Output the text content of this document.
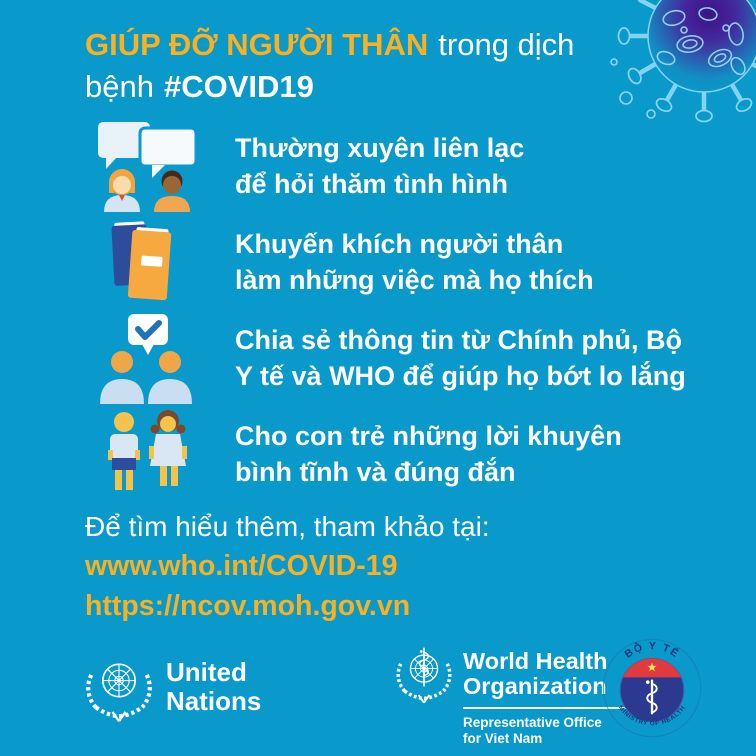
GIÚP ĐỠ NGƯỜI THÂN trong dịch
bệnh #COVID19
Thường xuyên liên lạc
để hỏi thăm tình hình
Khuyến khích người thân
làm những việc mà họ thích
Chia sẻ thông tin từ Chính phủ, Bộ
Y tế và WHO để giúp họ bớt lo lắng
Cho con trẻ những lời khuyên
bình tĩnh và đúng đắn
Để tìm hiểu thêm, tham khảo tại:
www.who.int/COVID-19
https://ncov.moh.gov.vn
United
Nations
World Health
Organization
Representative Office
for Viet Nam
BỘ Y TẾ
MINISTRY OF HEALTH
